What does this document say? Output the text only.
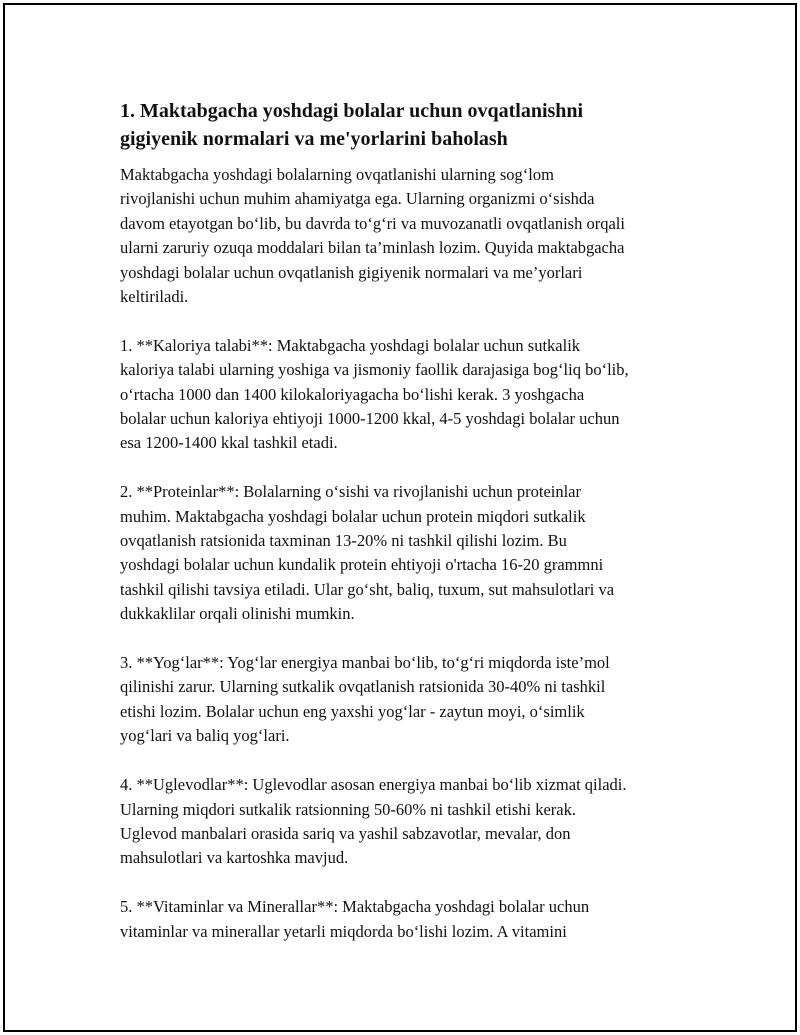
1. Maktabgacha yoshdagi bolalar uchun ovqatlanishni
gigiyenik normalari va me'yorlarini baholash

Maktabgacha yoshdagi bolalarning ovqatlanishi ularning sog‘lom
rivojlanishi uchun muhim ahamiyatga ega. Ularning organizmi o‘sishda
davom etayotgan bo‘lib, bu davrda to‘g‘ri va muvozanatli ovqatlanish orqali
ularni zaruriy ozuqa moddalari bilan ta’minlash lozim. Quyida maktabgacha
yoshdagi bolalar uchun ovqatlanish gigiyenik normalari va me’yorlari
keltiriladi.

1. **Kaloriya talabi**: Maktabgacha yoshdagi bolalar uchun sutkalik
kaloriya talabi ularning yoshiga va jismoniy faollik darajasiga bog‘liq bo‘lib,
o‘rtacha 1000 dan 1400 kilokaloriyagacha bo‘lishi kerak. 3 yoshgacha
bolalar uchun kaloriya ehtiyoji 1000-1200 kkal, 4-5 yoshdagi bolalar uchun
esa 1200-1400 kkal tashkil etadi.

2. **Proteinlar**: Bolalarning o‘sishi va rivojlanishi uchun proteinlar
muhim. Maktabgacha yoshdagi bolalar uchun protein miqdori sutkalik
ovqatlanish ratsionida taxminan 13-20% ni tashkil qilishi lozim. Bu
yoshdagi bolalar uchun kundalik protein ehtiyoji o'rtacha 16-20 grammni
tashkil qilishi tavsiya etiladi. Ular go‘sht, baliq, tuxum, sut mahsulotlari va
dukkaklilar orqali olinishi mumkin.

3. **Yog‘lar**: Yog‘lar energiya manbai bo‘lib, to‘g‘ri miqdorda iste’mol
qilinishi zarur. Ularning sutkalik ovqatlanish ratsionida 30-40% ni tashkil
etishi lozim. Bolalar uchun eng yaxshi yog‘lar - zaytun moyi, o‘simlik
yog‘lari va baliq yog‘lari.

4. **Uglevodlar**: Uglevodlar asosan energiya manbai bo‘lib xizmat qiladi.
Ularning miqdori sutkalik ratsionning 50-60% ni tashkil etishi kerak.
Uglevod manbalari orasida sariq va yashil sabzavotlar, mevalar, don
mahsulotlari va kartoshka mavjud.

5. **Vitaminlar va Minerallar**: Maktabgacha yoshdagi bolalar uchun
vitaminlar va minerallar yetarli miqdorda bo‘lishi lozim. A vitamini
